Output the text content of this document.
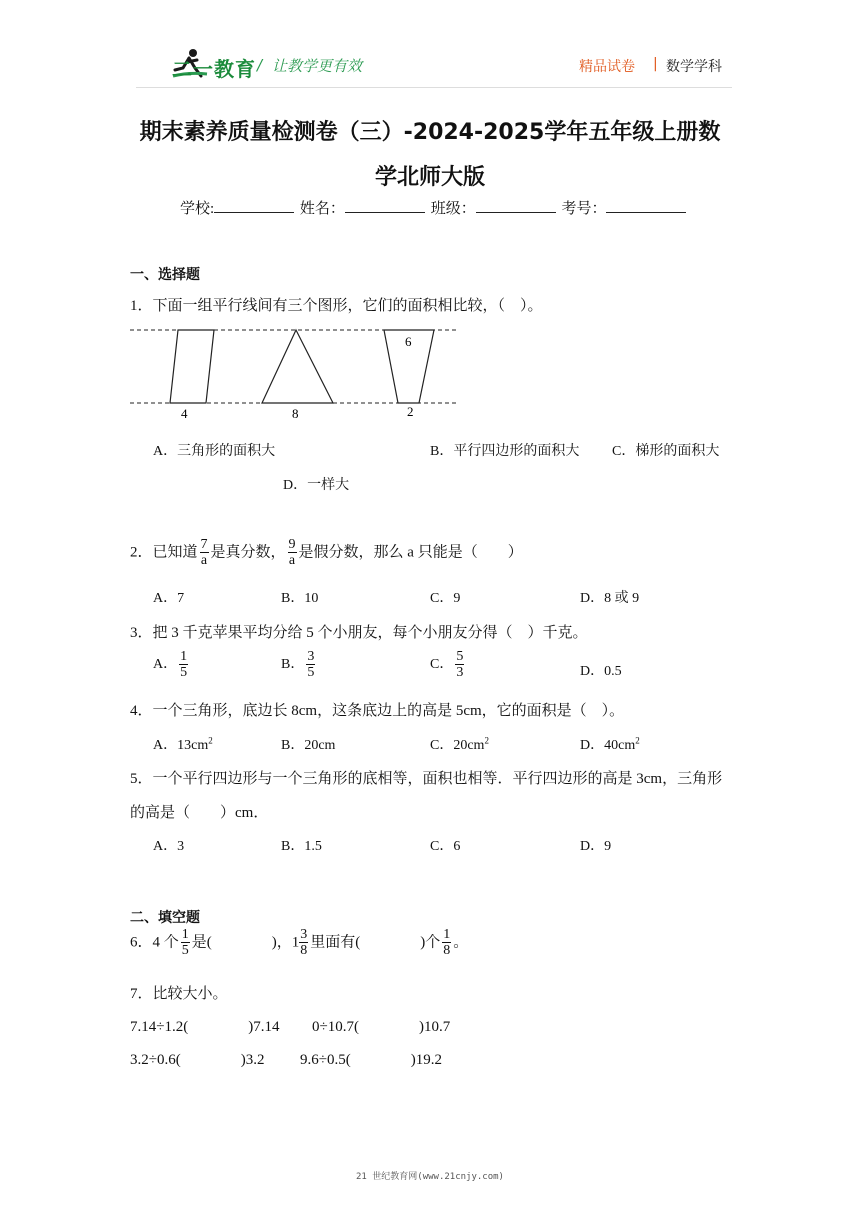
二一教育 / 让教学更有效	精品试卷 | 数学学科
期末素养质量检测卷（三）-2024-2025学年五年级上册数学北师大版
学校:	姓名：	班级：	考号：
一、选择题
1．下面一组平行线间有三个图形，它们的面积相比较，（　）。
4	8
6
2
A．三角形的面积大	B．平行四边形的面积大 C．梯形的面积大
D．一样大
2．已知道 $\frac{7}{a}$ 是真分数， $\frac{9}{a}$ 是假分数，那么 a 只能是（　　）
A．7	B．10	C．9	D．8 或 9
3．把 3 千克苹果平均分给 5 个小朋友，每个小朋友分得（　）千克。
A． $\frac{1}{5}$	B． $\frac{3}{5}$	C． $\frac{5}{3}$	D．0.5
4．一个三角形，底边长 8cm，这条底边上的高是 5cm，它的面积是（　）。
A．$13cm^2$	B．20cm	C．$20cm^2$	D．$40cm^2$
5．一个平行四边形与一个三角形的底相等，面积也相等．平行四边形的高是 3cm，三角形
的高是（　　）cm．
A．3	B．1.5	C．6	D．9
二、填空题
6．4 个 $\frac{1}{5}$ 是(　　　　)，$1 \frac{3}{8}$ 里面有(　　　　)个 $\frac{1}{8}$ 。
7．比较大小。
7.14÷1.2(　　　　)7.14 0÷10.7(　　　　)10.7
3.2÷0.6(　　　　)3.2 9.6÷0.5(　　　　)19.2
21 世纪教育网(www.21cnjy.com)
